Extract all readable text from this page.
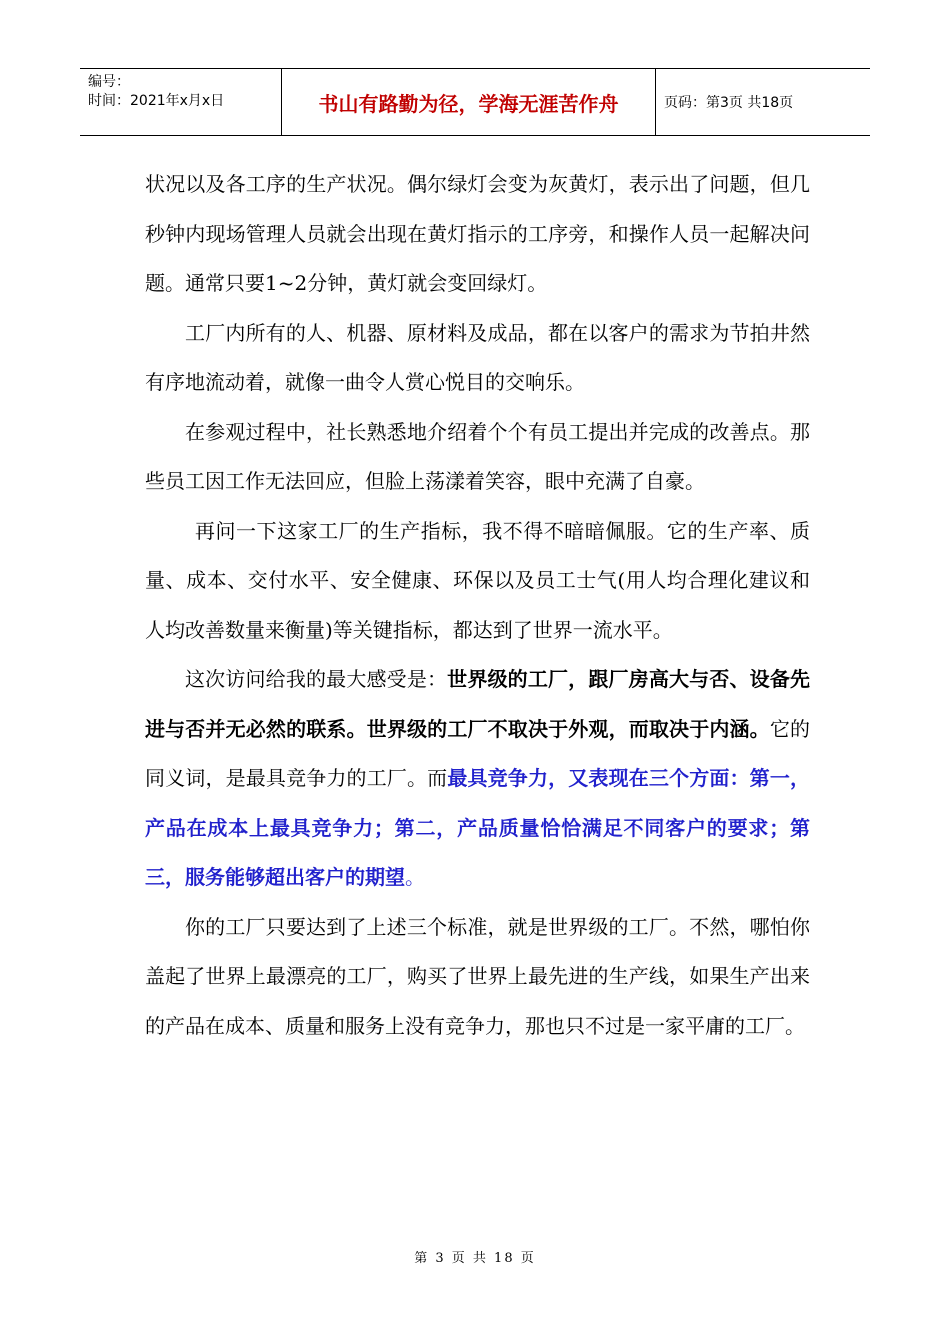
编号：
时间：2021年x月x日	书山有路勤为径，学海无涯苦作舟	页码：第3页 共18页

状况以及各工序的生产状况。偶尔绿灯会变为灰黄灯，表示出了问题，但几秒钟内现场管理人员就会出现在黄灯指示的工序旁，和操作人员一起解决问题。通常只要1~2分钟，黄灯就会变回绿灯。

工厂内所有的人、机器、原材料及成品，都在以客户的需求为节拍井然有序地流动着，就像一曲令人赏心悦目的交响乐。

在参观过程中，社长熟悉地介绍着个个有员工提出并完成的改善点。那些员工因工作无法回应，但脸上荡漾着笑容，眼中充满了自豪。

再问一下这家工厂的生产指标，我不得不暗暗佩服。它的生产率、质量、成本、交付水平、安全健康、环保以及员工士气(用人均合理化建议和人均改善数量来衡量)等关键指标，都达到了世界一流水平。

这次访问给我的最大感受是：世界级的工厂，跟厂房高大与否、设备先进与否并无必然的联系。世界级的工厂不取决于外观，而取决于内涵。它的同义词，是最具竞争力的工厂。而最具竞争力，又表现在三个方面：第一，产品在成本上最具竞争力；第二，产品质量恰恰满足不同客户的要求；第三，服务能够超出客户的期望。

你的工厂只要达到了上述三个标准，就是世界级的工厂。不然，哪怕你盖起了世界上最漂亮的工厂，购买了世界上最先进的生产线，如果生产出来的产品在成本、质量和服务上没有竞争力，那也只不过是一家平庸的工厂。

第 3 页 共 18 页
